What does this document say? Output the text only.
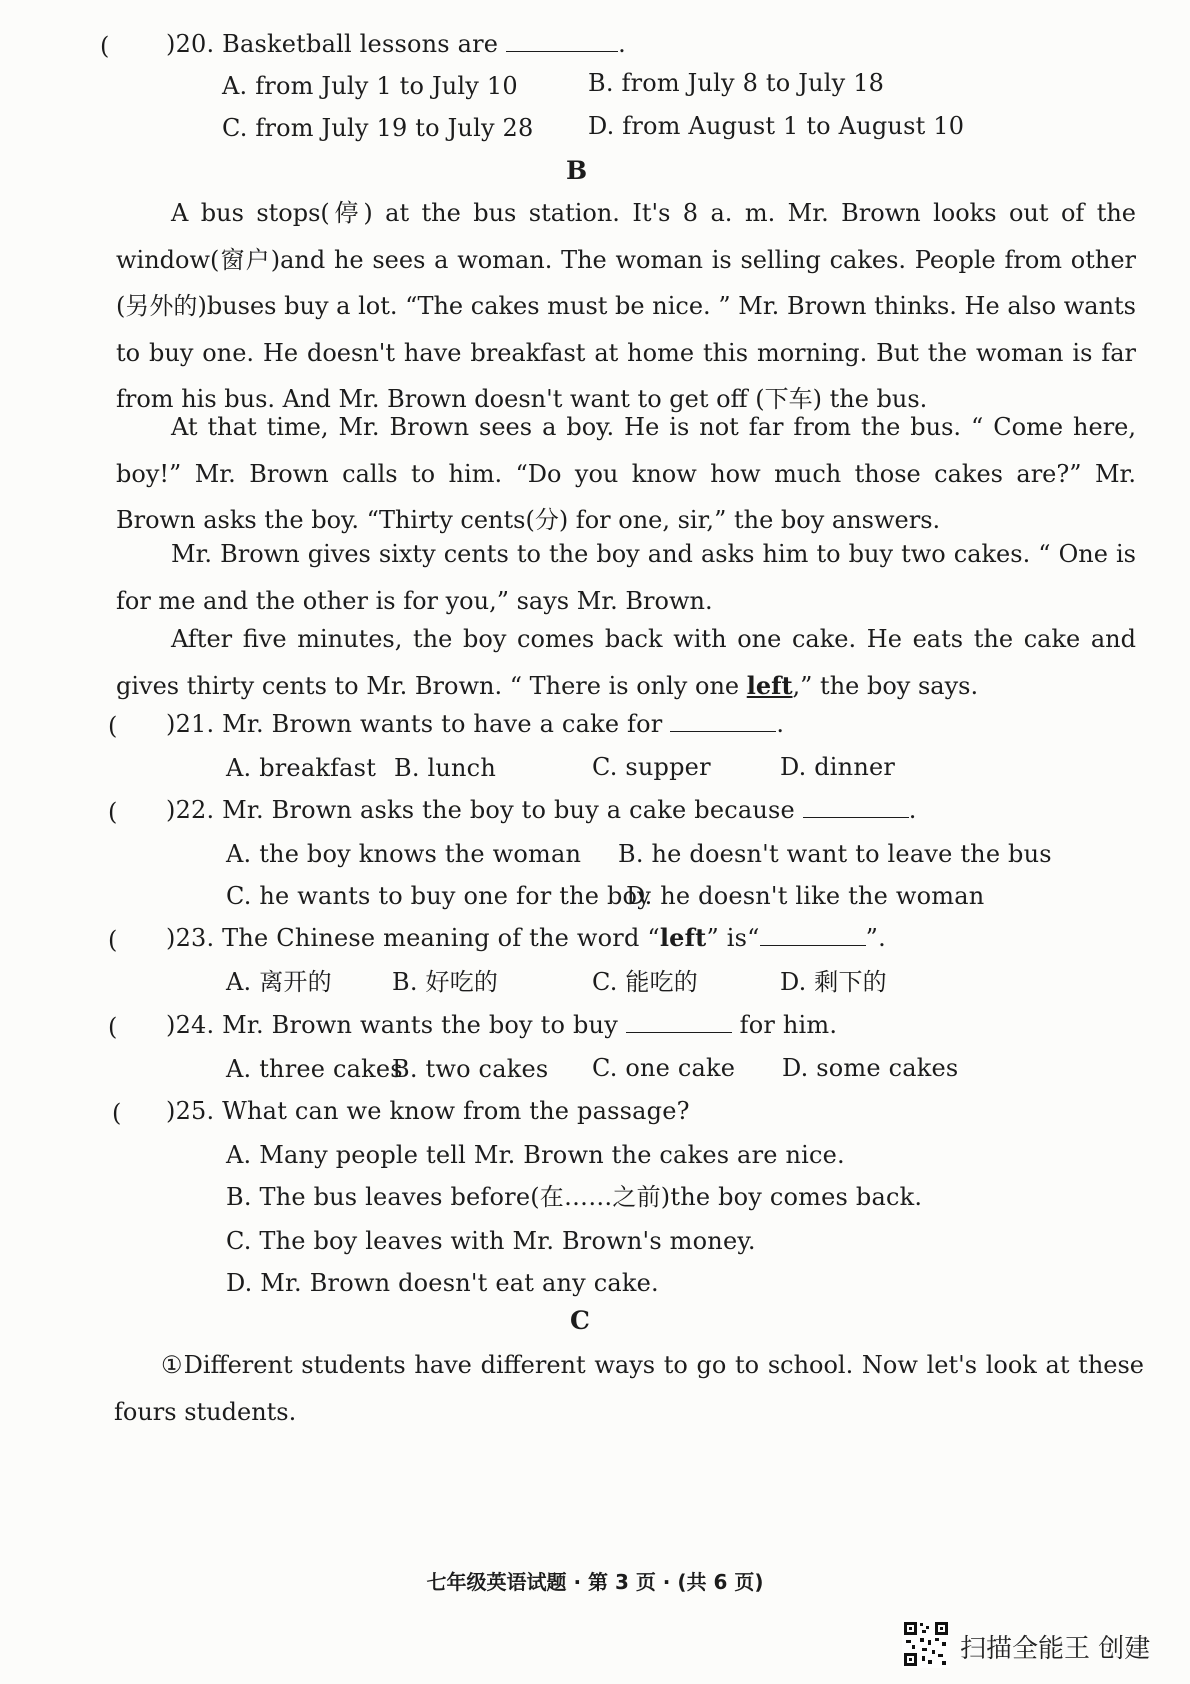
( )20. Basketball lessons are	.
A. from July 1 to July 10	B. from July 8 to July 18
C. from July 19 to July 28 D. from August 1 to August 10
B
A bus stops(停) at the bus station. It's 8 a. m. Mr. Brown looks out of the window(窗户)and he sees a woman. The woman is selling cakes. People from other (另外的)buses buy a lot. “The cakes must be nice. ” Mr. Brown thinks. He also wants to buy one. He doesn't have breakfast at home this morning. But the woman is far from his bus. And Mr. Brown doesn't want to get off (下车) the bus.
At that time, Mr. Brown sees a boy. He is not far from the bus. “ Come here, boy!” Mr. Brown calls to him. “Do you know how much those cakes are?” Mr. Brown asks the boy. “Thirty cents(分) for one, sir,” the boy answers.
Mr. Brown gives sixty cents to the boy and asks him to buy two cakes. “ One is for me and the other is for you,” says Mr. Brown.
After five minutes, the boy comes back with one cake. He eats the cake and gives thirty cents to Mr. Brown. “ There is only one left,” the boy says.
( )21. Mr. Brown wants to have a cake for	.
A. breakfast B. lunch	C. supper	D. dinner
( )22. Mr. Brown asks the boy to buy a cake because	.
A. the boy knows the woman B. he doesn't want to leave the bus
C. he wants to buy one for the boy
D. he doesn't like the woman
( )23. The Chinese meaning of the word “left” is“	”.
A. 离开的	B. 好吃的	C. 能吃的	D. 剩下的
( )24. Mr. Brown wants the boy to buy	for him.
A. three cakes
B. two cakes C. one cake D. some cakes
( )25. What can we know from the passage?
A. Many people tell Mr. Brown the cakes are nice.
B. The bus leaves before(在……之前)the boy comes back.
C. The boy leaves with Mr. Brown's money.
D. Mr. Brown doesn't eat any cake.
C
①Different students have different ways to go to school. Now let's look at these fours students.
七年级英语试题 · 第 3 页 · (共 6 页)
扫描全能王 创建
